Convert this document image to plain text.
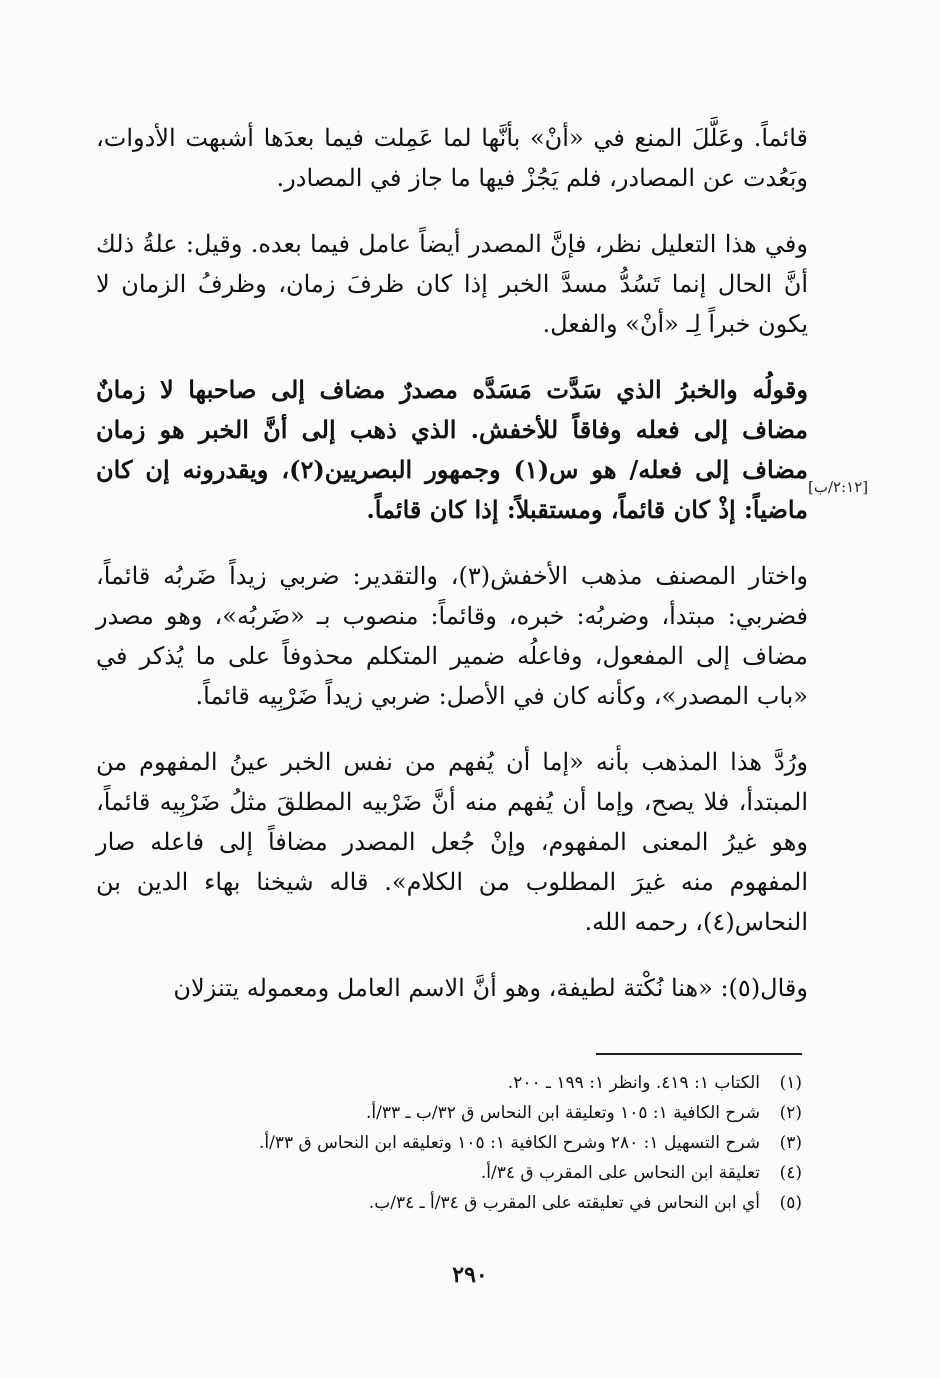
قائماً. وعَلَّلَ المنع في «أنْ» بأنَّها لما عَمِلت فيما بعدَها أشبهت الأدوات، وبَعُدت عن المصادر، فلم يَجُزْ فيها ما جاز في المصادر.

وفي هذا التعليل نظر، فإنَّ المصدر أيضاً عامل فيما بعده. وقيل: علةُ ذلك أنَّ الحال إنما تَسُدُّ مسدَّ الخبر إذا كان ظرفَ زمان، وظرفُ الزمان لا يكون خبراً لِـ «أنْ» والفعل.

وقولُه والخبرُ الذي سَدَّت مَسَدَّه مصدرٌ مضاف إلى صاحبها لا زمانٌ مضاف إلى فعله وفاقاً للأخفش. الذي ذهب إلى أنَّ الخبر هو زمان مضاف إلى فعله/ هو س(١) وجمهور البصريين(٢)، ويقدرونه إن كان ماضياً: إذْ كان قائماً، ومستقبلاً: إذا كان قائماً.

واختار المصنف مذهب الأخفش(٣)، والتقدير: ضربي زيداً ضَربُه قائماً، فضربي: مبتدأ، وضربُه: خبره، وقائماً: منصوب بـ «ضَربُه»، وهو مصدر مضاف إلى المفعول، وفاعلُه ضمير المتكلم محذوفاً على ما يُذكر في «باب المصدر»، وكأنه كان في الأصل: ضربي زيداً ضَرْبِيه قائماً.

ورُدَّ هذا المذهب بأنه «إما أن يُفهم من نفس الخبر عينُ المفهوم من المبتدأ، فلا يصح، وإما أن يُفهم منه أنَّ ضَرْبيه المطلقَ مثلُ ضَرْبِيه قائماً، وهو غيرُ المعنى المفهوم، وإنْ جُعل المصدر مضافاً إلى فاعله صار المفهوم منه غيرَ المطلوب من الكلام». قاله شيخنا بهاء الدين بن النحاس(٤)، رحمه الله.

وقال(٥): «هنا نُكْتة لطيفة، وهو أنَّ الاسم العامل ومعموله يتنزلان

[٢:١٢/ب]
(١)الكتاب ١: ٤١٩. وانظر ١: ١٩٩ ـ ٢٠٠.
(٢)شرح الكافية ١: ١٠٥ وتعليقة ابن النحاس ق ٣٢/ب ـ ٣٣/أ.
(٣)شرح التسهيل ١: ٢٨٠ وشرح الكافية ١: ١٠٥ وتعليقه ابن النحاس ق ٣٣/أ.
(٤)تعليقة ابن النحاس على المقرب ق ٣٤/أ.
(٥)أي ابن النحاس في تعليقته على المقرب ق ٣٤/أ ـ ٣٤/ب.
٢٩٠
